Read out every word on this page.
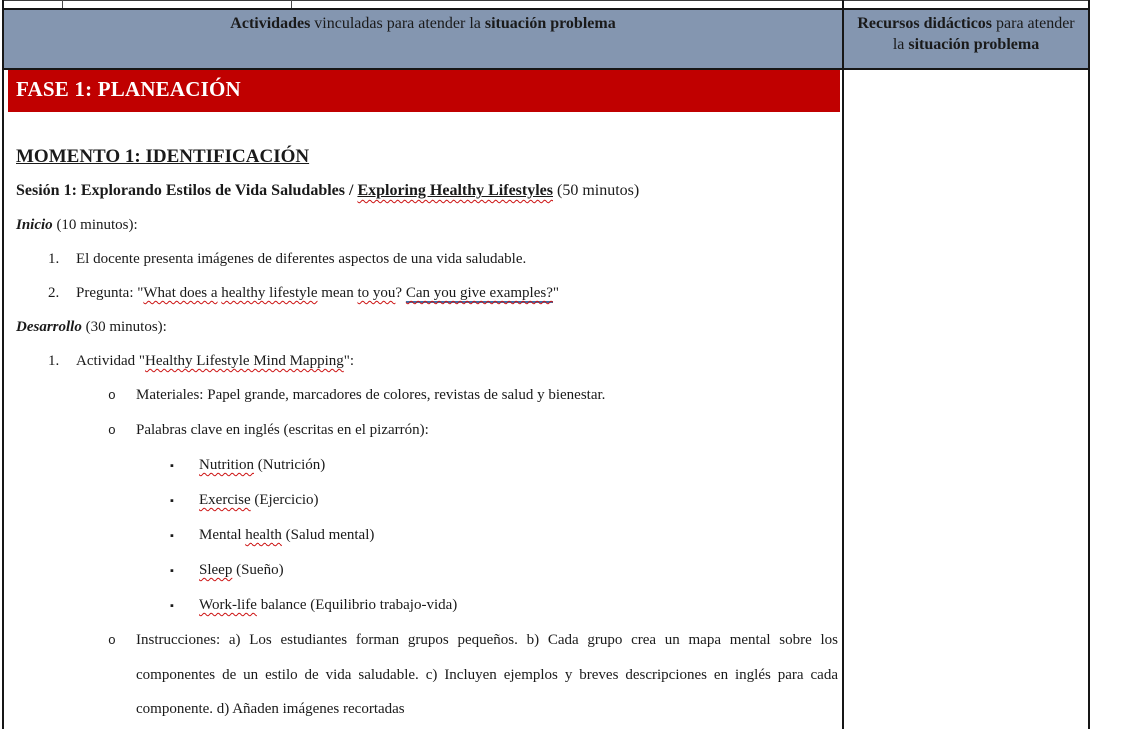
Actividades vinculadas para atender la situación problema	Recursos didácticos para atender la situación problema
FASE 1: PLANEACIÓN

MOMENTO 1: IDENTIFICACIÓN

Sesión 1: Explorando Estilos de Vida Saludables / Exploring Healthy Lifestyles (50 minutos)

Inicio (10 minutos):

1. El docente presenta imágenes de diferentes aspectos de una vida saludable.

2. Pregunta: "What does a healthy lifestyle mean to you? Can you give examples?"

Desarrollo (30 minutos):

1. Actividad "Healthy Lifestyle Mind Mapping":

o Materiales: Papel grande, marcadores de colores, revistas de salud y bienestar.

o Palabras clave en inglés (escritas en el pizarrón):

▪ Nutrition (Nutrición)

▪ Exercise (Ejercicio)

▪ Mental health (Salud mental)

▪ Sleep (Sueño)

▪ Work-life balance (Equilibrio trabajo-vida)

o Instrucciones: a) Los estudiantes forman grupos pequeños. b) Cada grupo crea un mapa mental sobre los componentes de un estilo de vida saludable. c) Incluyen ejemplos y breves descripciones en inglés para cada componente. d) Añaden imágenes recortadas
